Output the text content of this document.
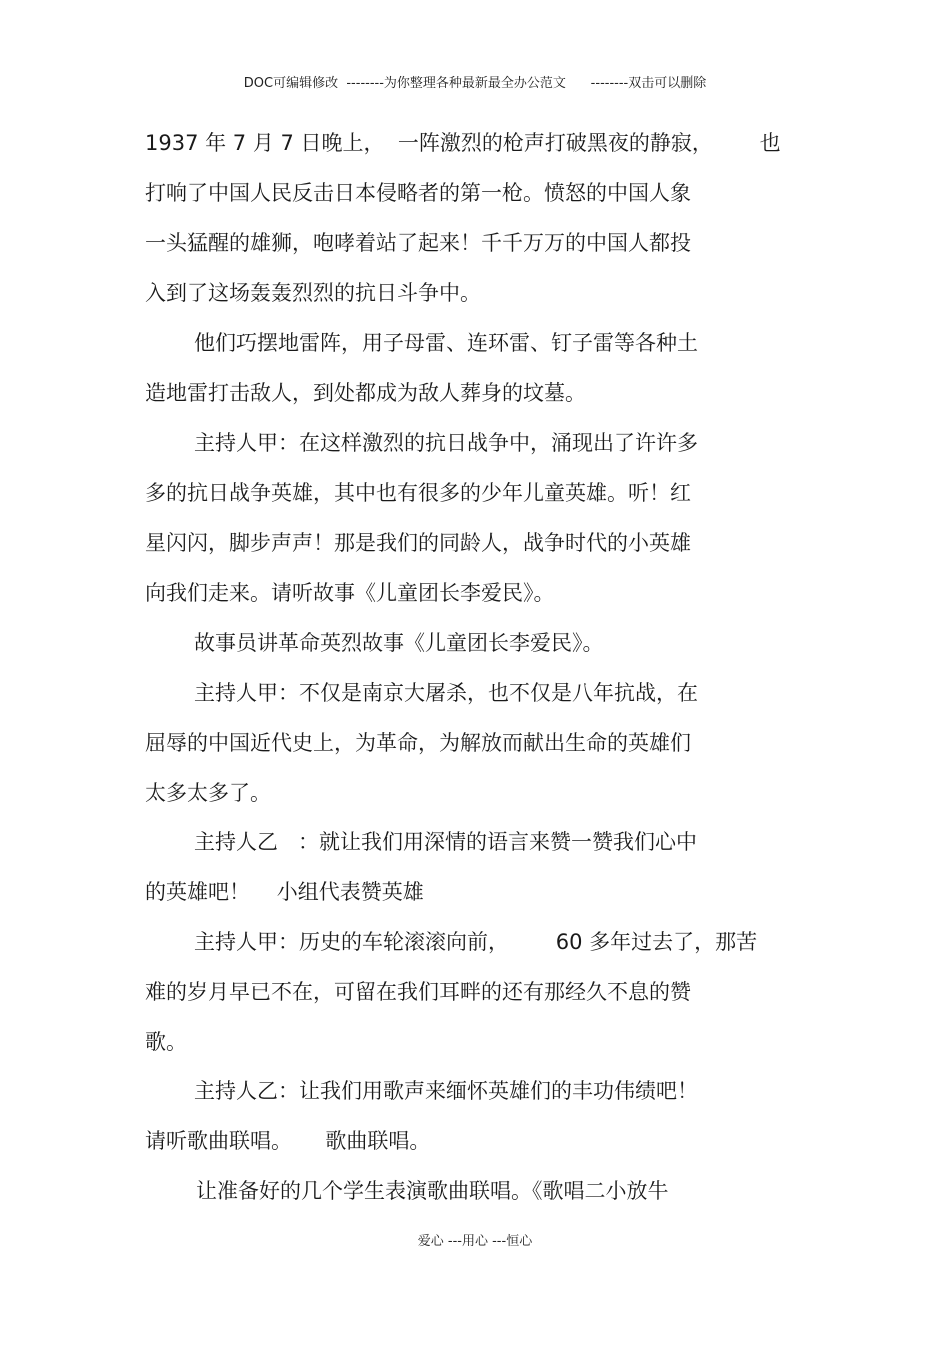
DOC可编辑修改  --------为你整理各种最新最全办公范文      --------双击可以删除
1937 年 7 月 7 日晚上，  一阵激烈的枪声打破黑夜的静寂，       也
打响了中国人民反击日本侵略者的第一枪。愤怒的中国人象
一头猛醒的雄狮，咆哮着站了起来！千千万万的中国人都投
入到了这场轰轰烈烈的抗日斗争中。
他们巧摆地雷阵，用子母雷、连环雷、钉子雷等各种土
造地雷打击敌人，到处都成为敌人葬身的坟墓。
主持人甲：在这样激烈的抗日战争中，涌现出了许许多
多的抗日战争英雄，其中也有很多的少年儿童英雄。听！红
星闪闪，脚步声声！那是我们的同龄人，战争时代的小英雄
向我们走来。请听故事《儿童团长李爱民》。
故事员讲革命英烈故事《儿童团长李爱民》。
主持人甲：不仅是南京大屠杀，也不仅是八年抗战，在
屈辱的中国近代史上，为革命，为解放而献出生命的英雄们
太多太多了。
主持人乙   ：就让我们用深情的语言来赞一赞我们心中
的英雄吧！    小组代表赞英雄
主持人甲：历史的车轮滚滚向前，       60 多年过去了，那苦
难的岁月早已不在，可留在我们耳畔的还有那经久不息的赞
歌。
主持人乙：让我们用歌声来缅怀英雄们的丰功伟绩吧！
请听歌曲联唱。     歌曲联唱。
让准备好的几个学生表演歌曲联唱。《歌唱二小放牛
爱心 ---用心 ---恒心
